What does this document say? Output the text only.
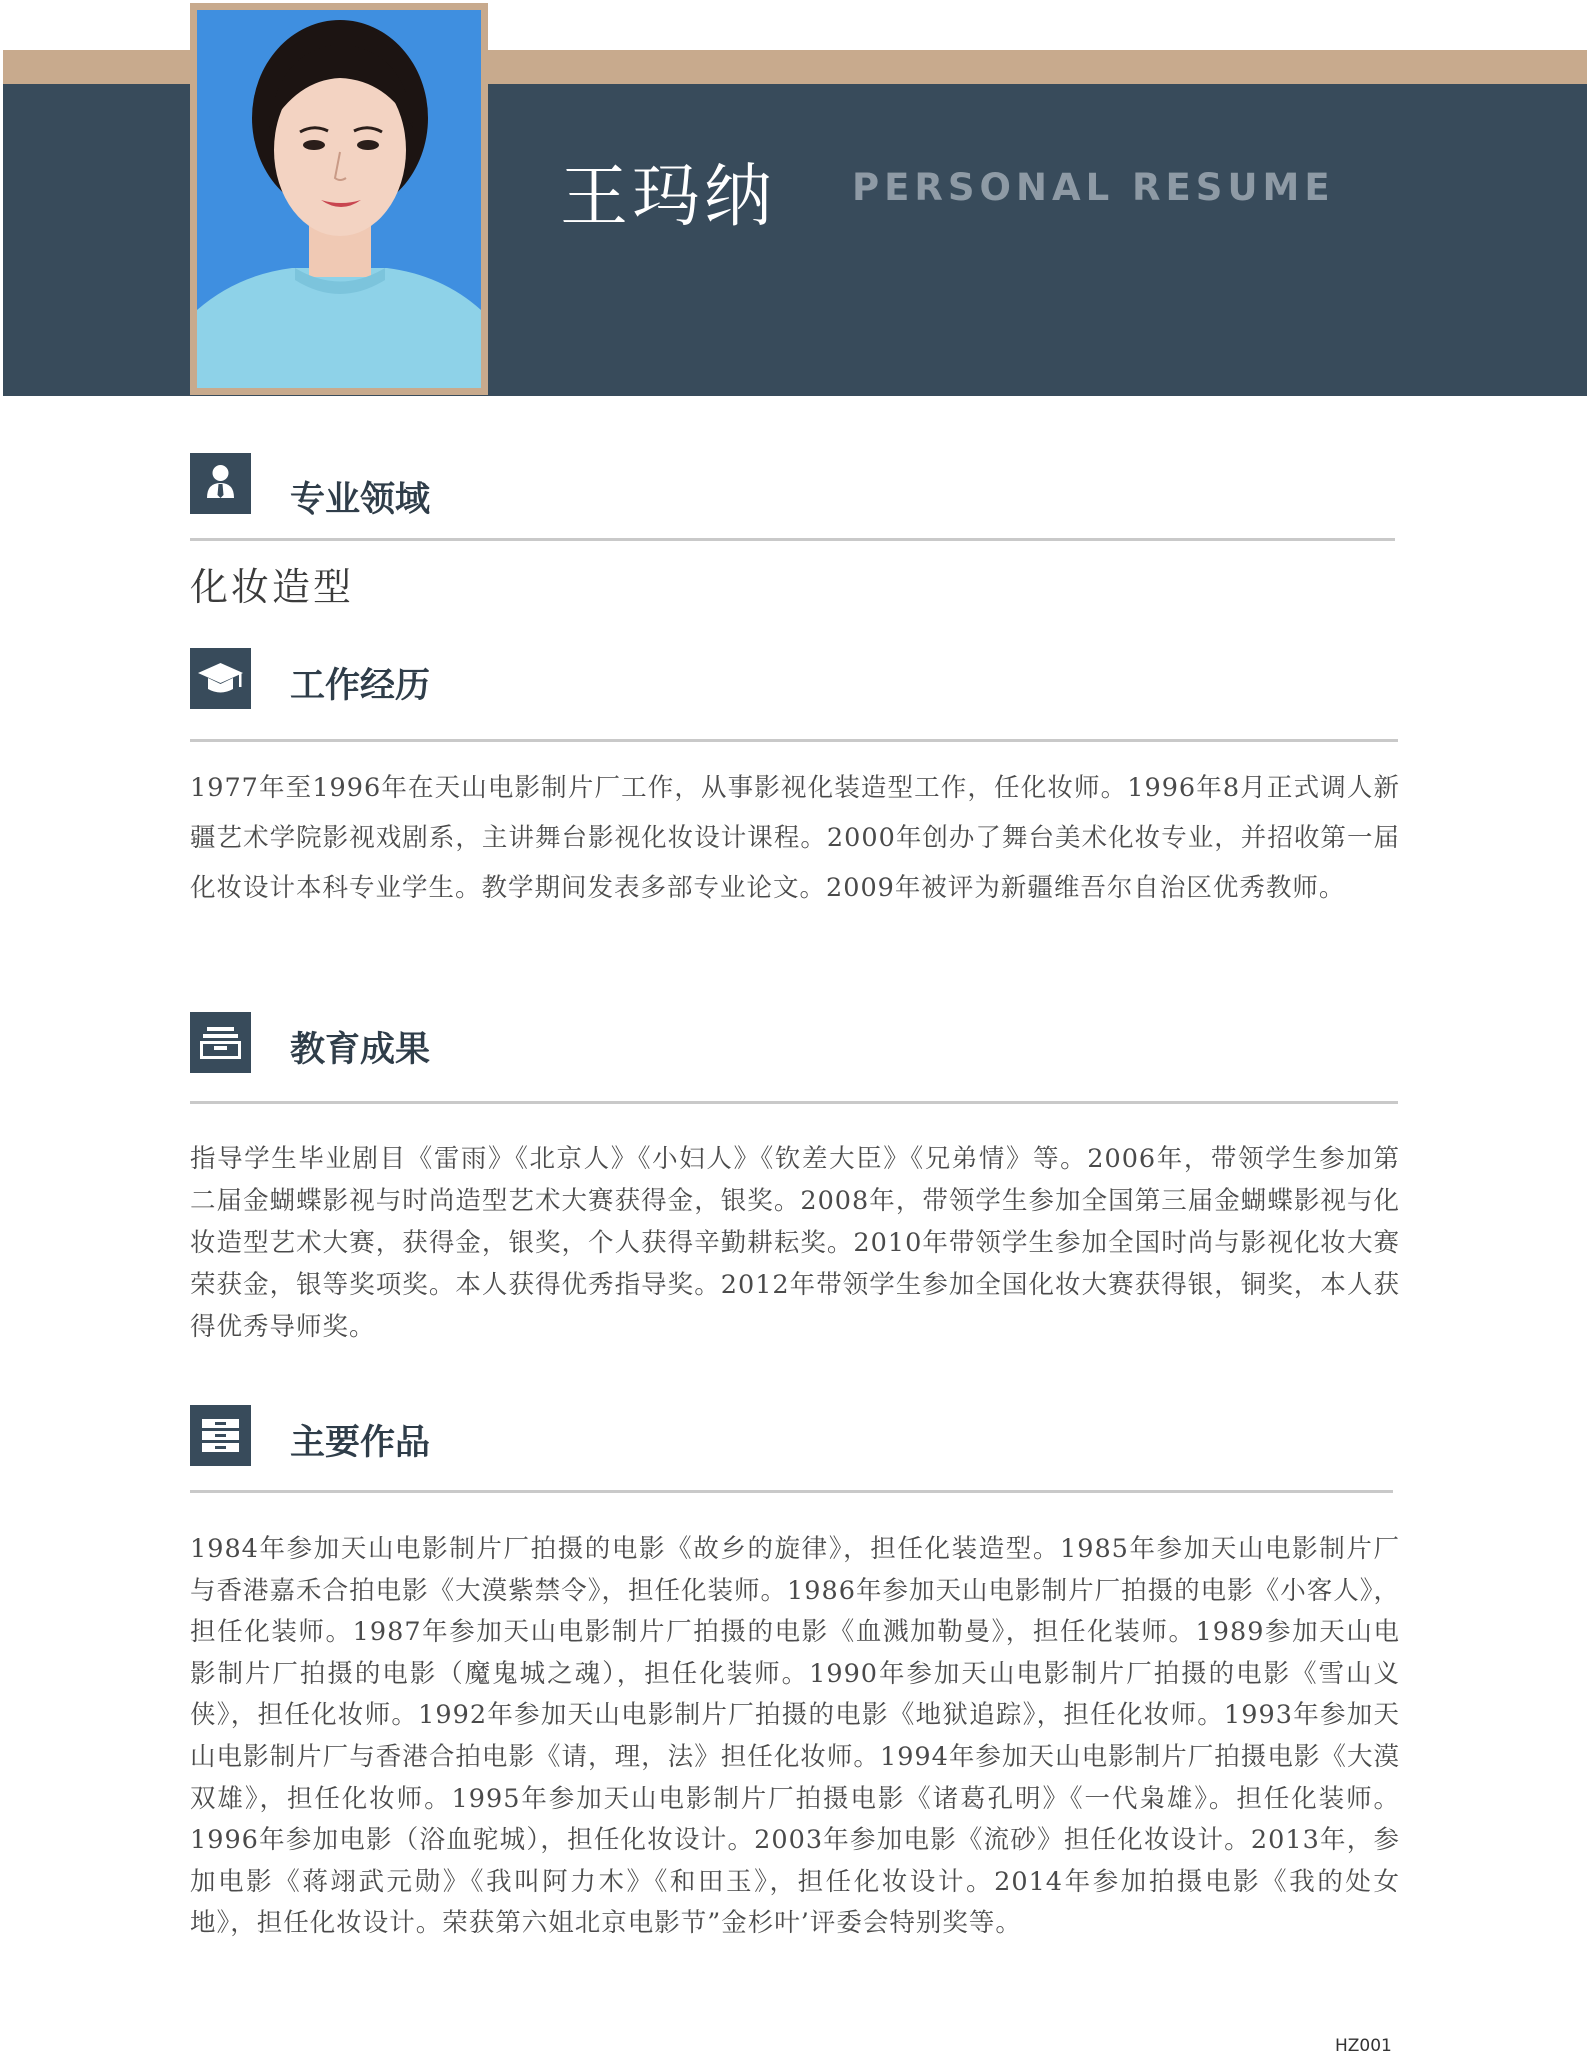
王玛纳 PERSONAL RESUME
专业领域
化妆造型
工作经历

1977年至1996年在天山电影制片厂工作，从事影视化装造型工作，任化妆师。1996年8月正式调人新疆艺术学院影视戏剧系，主讲舞台影视化妆设计课程。2000年创办了舞台美术化妆专业，并招收第一届化妆设计本科专业学生。教学期间发表多部专业论文。2009年被评为新疆维吾尔自治区优秀教师。

教育成果

指导学生毕业剧目《雷雨》《北京人》《小妇人》《钦差大臣》《兄弟情》等。2006年，带领学生参加第二届金蝴蝶影视与时尚造型艺术大赛获得金，银奖。2008年，带领学生参加全国第三届金蝴蝶影视与化妆造型艺术大赛，获得金，银奖，个人获得辛勤耕耘奖。2010年带领学生参加全国时尚与影视化妆大赛荣获金，银等奖项奖。本人获得优秀指导奖。2012年带领学生参加全国化妆大赛获得银，铜奖，本人获得优秀导师奖。

主要作品

1984年参加天山电影制片厂拍摄的电影《故乡的旋律》，担任化装造型。1985年参加天山电影制片厂与香港嘉禾合拍电影《大漠紫禁令》，担任化装师。1986年参加天山电影制片厂拍摄的电影《小客人》，担任化装师。1987年参加天山电影制片厂拍摄的电影《血溅加勒曼》，担任化装师。1989参加天山电影制片厂拍摄的电影（魔鬼城之魂），担任化装师。1990年参加天山电影制片厂拍摄的电影《雪山义侠》，担任化妆师。1992年参加天山电影制片厂拍摄的电影《地狱追踪》，担任化妆师。1993年参加天山电影制片厂与香港合拍电影《请，理，法》担任化妆师。1994年参加天山电影制片厂拍摄电影《大漠双雄》，担任化妆师。1995年参加天山电影制片厂拍摄电影《诸葛孔明》《一代枭雄》。担任化装师。1996年参加电影（浴血驼城），担任化妆设计。2003年参加电影《流砂》担任化妆设计。2013年，参加电影《蒋翊武元勋》《我叫阿力木》《和田玉》，担任化妆设计。2014年参加拍摄电影《我的处女地》，担任化妆设计。荣获第六姐北京电影节”金杉叶’评委会特别奖等。

HZ001
